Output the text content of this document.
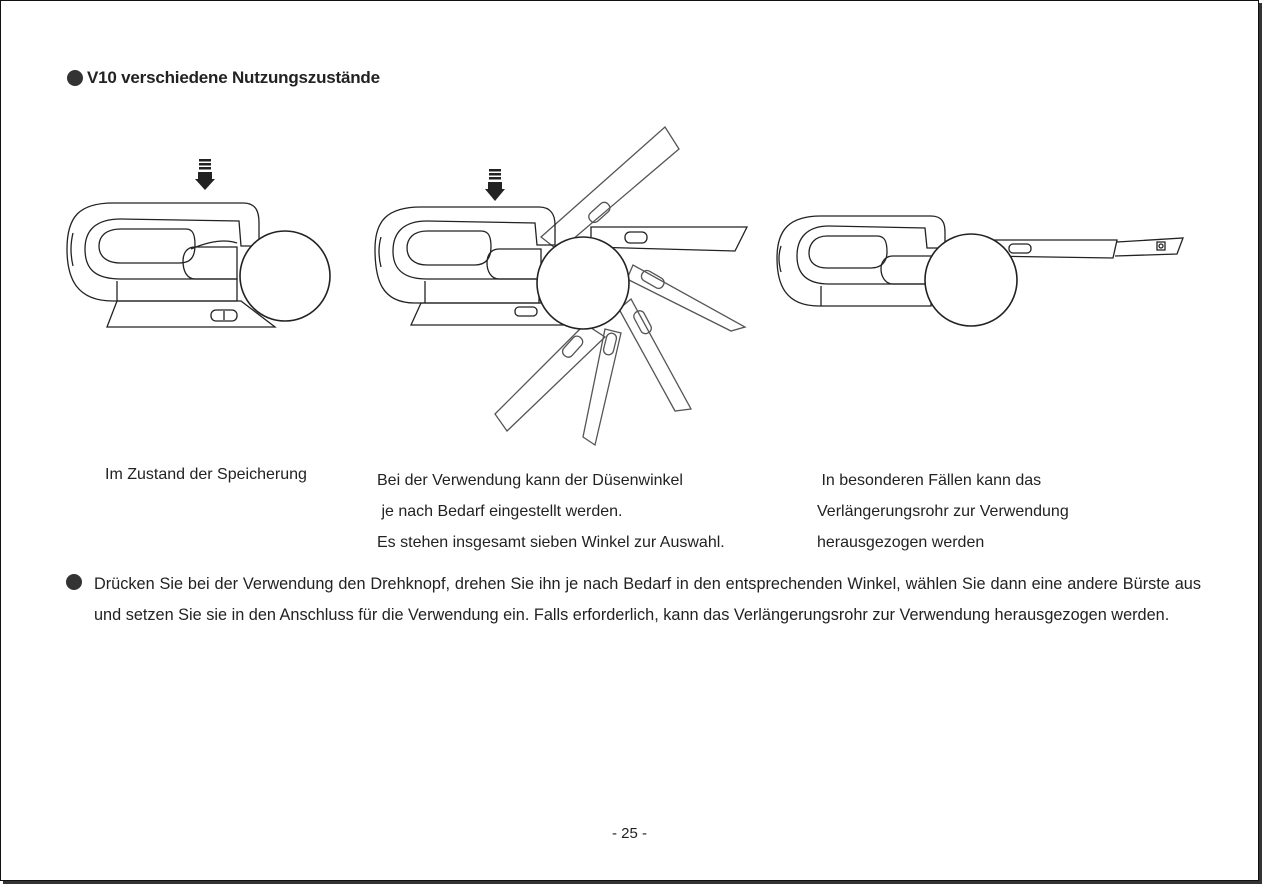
V10 verschiedene Nutzungszustände
Im Zustand der Speicherung	Bei der Verwendung kann der Düsenwinkel
je nach Bedarf eingestellt werden.
Es stehen insgesamt sieben Winkel zur Auswahl.
In besonderen Fällen kann das
Verlängerungsrohr zur Verwendung
herausgezogen werden
Drücken Sie bei der Verwendung den Drehknopf, drehen Sie ihn je nach Bedarf in den entsprechenden Winkel, wählen Sie dann eine andere Bürste aus und setzen Sie sie in den Anschluss für die Verwendung ein. Falls erforderlich, kann das Verlängerungsrohr zur Verwendung herausgezogen werden.
- 25 -
